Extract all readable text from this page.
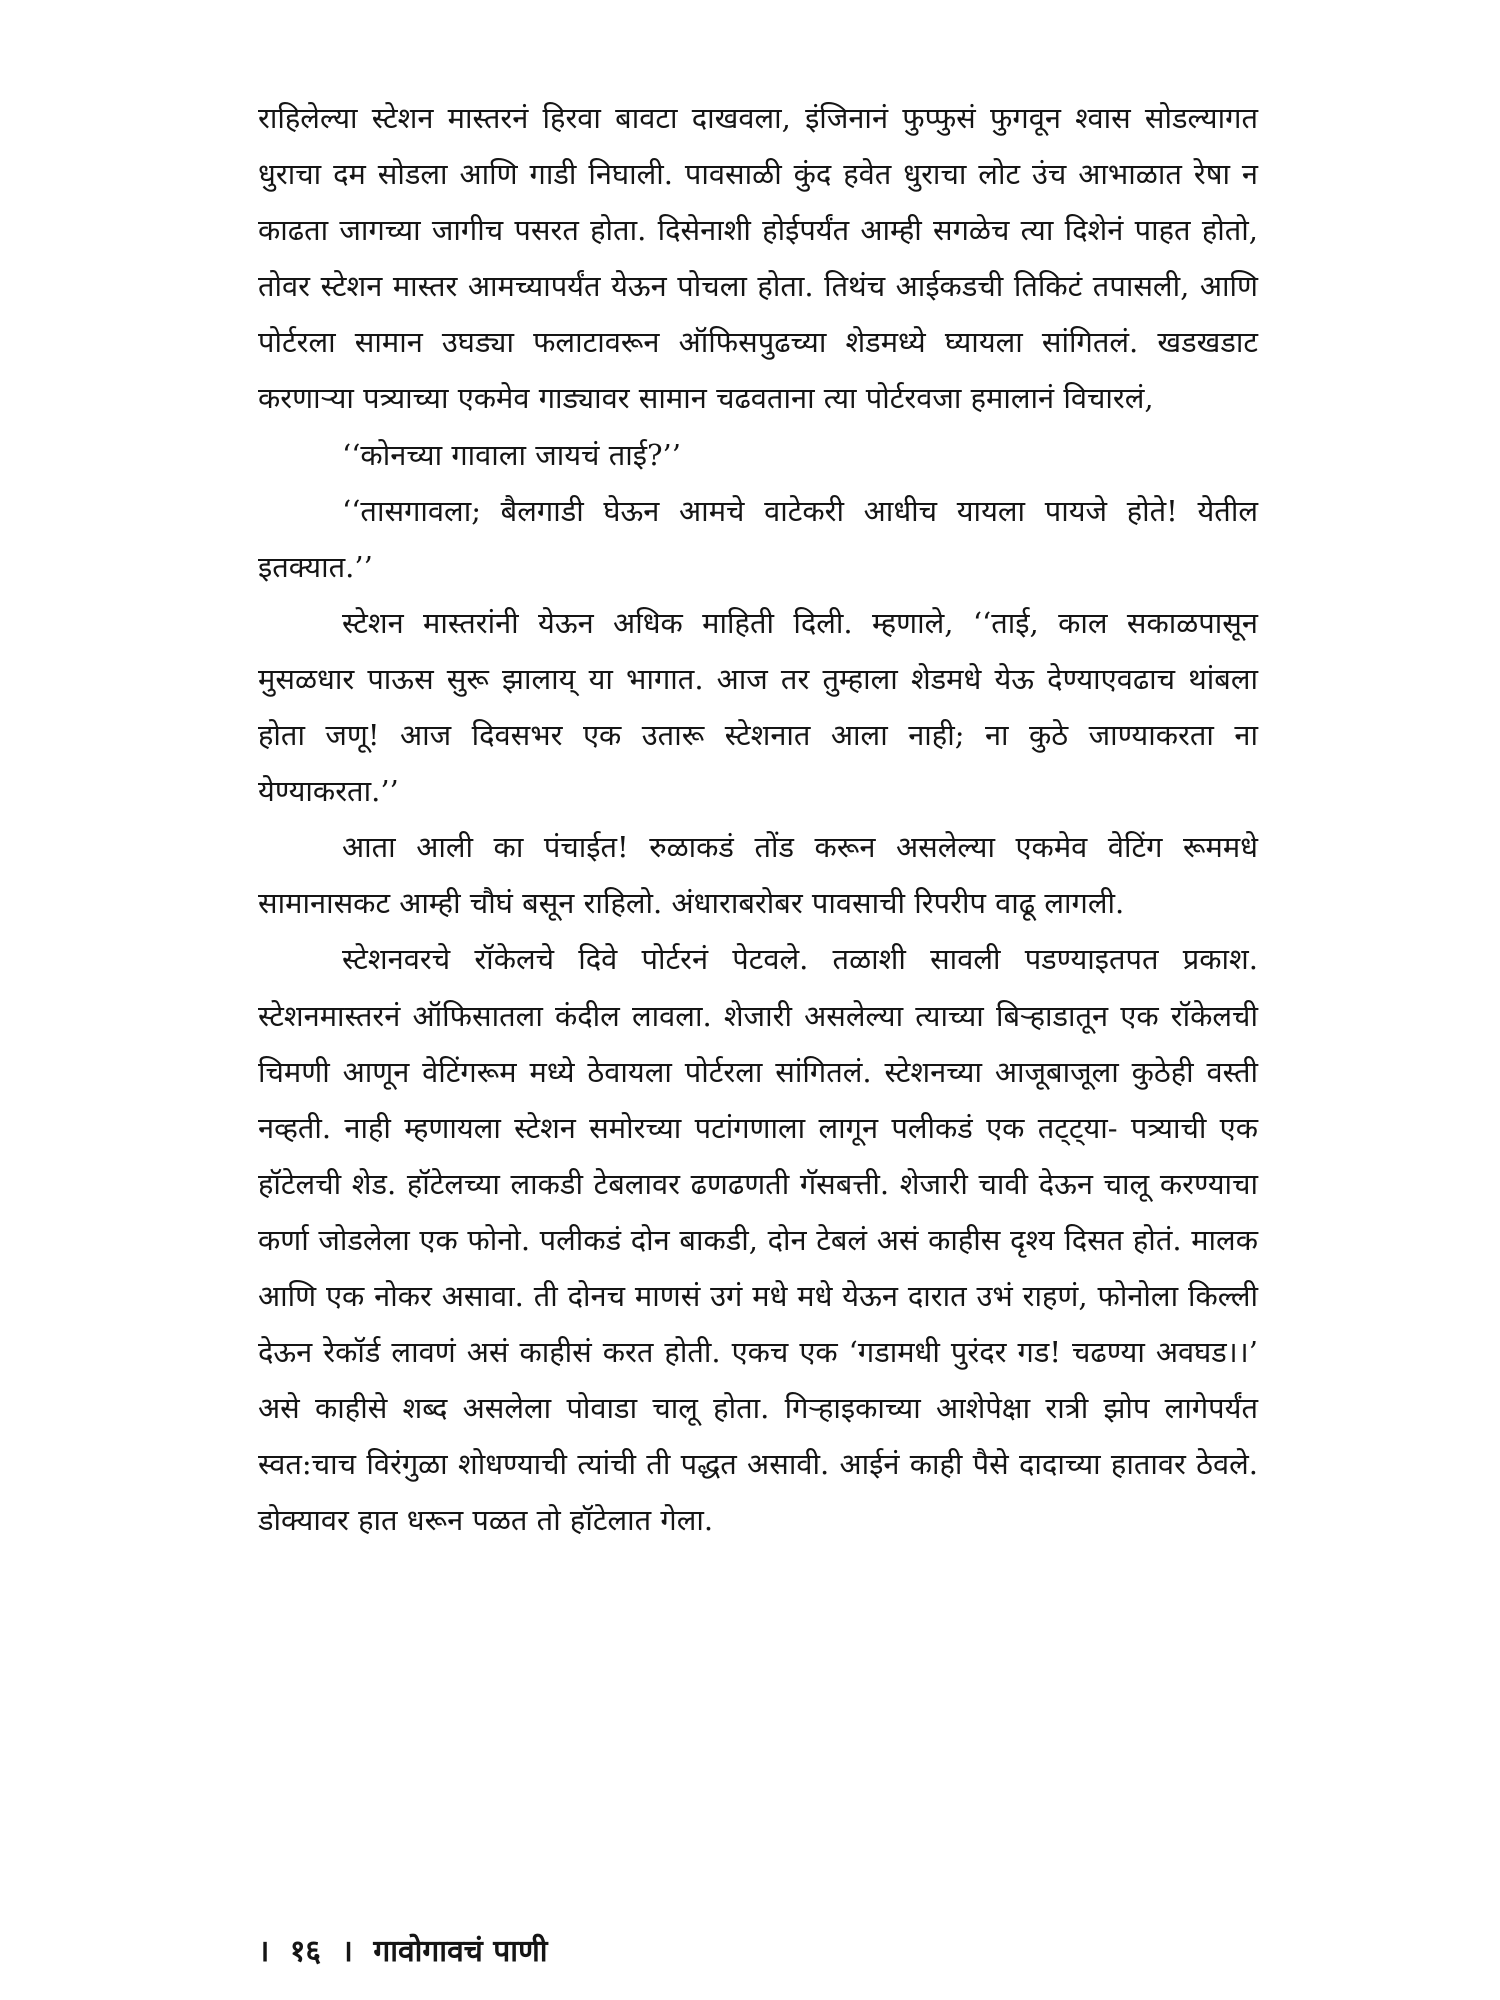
राहिलेल्या स्टेशन मास्तरनं हिरवा बावटा दाखवला, इंजिनानं फुप्फुसं फुगवून श्वास सोडल्यागत धुराचा दम सोडला आणि गाडी निघाली. पावसाळी कुंद हवेत धुराचा लोट उंच आभाळात रेषा न काढता जागच्या जागीच पसरत होता. दिसेनाशी होईपर्यंत आम्ही सगळेच त्या दिशेनं पाहत होतो, तोवर स्टेशन मास्तर आमच्यापर्यंत येऊन पोचला होता. तिथंच आईकडची तिकिटं तपासली, आणि पोर्टरला सामान उघड्या फलाटावरून ऑफिसपुढच्या शेडमध्ये घ्यायला सांगितलं. खडखडाट करणाऱ्या पत्र्याच्या एकमेव गाड्यावर सामान चढवताना त्या पोर्टरवजा हमालानं विचारलं,

‘‘कोनच्या गावाला जायचं ताई?’’

‘‘तासगावला; बैलगाडी घेऊन आमचे वाटेकरी आधीच यायला पायजे होते! येतील इतक्यात.’’

स्टेशन मास्तरांनी येऊन अधिक माहिती दिली. म्हणाले, ‘‘ताई, काल सकाळपासून मुसळधार पाऊस सुरू झालाय् या भागात. आज तर तुम्हाला शेडमधे येऊ देण्याएवढाच थांबला होता जणू! आज दिवसभर एक उतारू स्टेशनात आला नाही; ना कुठे जाण्याकरता ना येण्याकरता.’’

आता आली का पंचाईत! रुळाकडं तोंड करून असलेल्या एकमेव वेटिंग रूममधे सामानासकट आम्ही चौघं बसून राहिलो. अंधाराबरोबर पावसाची रिपरीप वाढू लागली.

स्टेशनवरचे रॉकेलचे दिवे पोर्टरनं पेटवले. तळाशी सावली पडण्याइतपत प्रकाश. स्टेशनमास्तरनं ऑफिसातला कंदील लावला. शेजारी असलेल्या त्याच्या बिऱ्हाडातून एक रॉकेलची चिमणी आणून वेटिंगरूम मध्ये ठेवायला पोर्टरला सांगितलं. स्टेशनच्या आजूबाजूला कुठेही वस्ती नव्हती. नाही म्हणायला स्टेशन समोरच्या पटांगणाला लागून पलीकडं एक तट्ट्या- पत्र्याची एक हॉटेलची शेड. हॉटेलच्या लाकडी टेबलावर ढणढणती गॅसबत्ती. शेजारी चावी देऊन चालू करण्याचा कर्णा जोडलेला एक फोनो. पलीकडं दोन बाकडी, दोन टेबलं असं काहीस दृश्य दिसत होतं. मालक आणि एक नोकर असावा. ती दोनच माणसं उगं मधे मधे येऊन दारात उभं राहणं, फोनोला किल्ली देऊन रेकॉर्ड लावणं असं काहीसं करत होती. एकच एक ‘गडामधी पुरंदर गड! चढण्या अवघड।।’ असे काहीसे शब्द असलेला पोवाडा चालू होता. गिऱ्हाइकाच्या आशेपेक्षा रात्री झोप लागेपर्यंत स्वत:चाच विरंगुळा शोधण्याची त्यांची ती पद्धत असावी. आईनं काही पैसे दादाच्या हातावर ठेवले. डोक्यावर हात धरून पळत तो हॉटेलात गेला.

। १६ । गावोगावचं पाणी
